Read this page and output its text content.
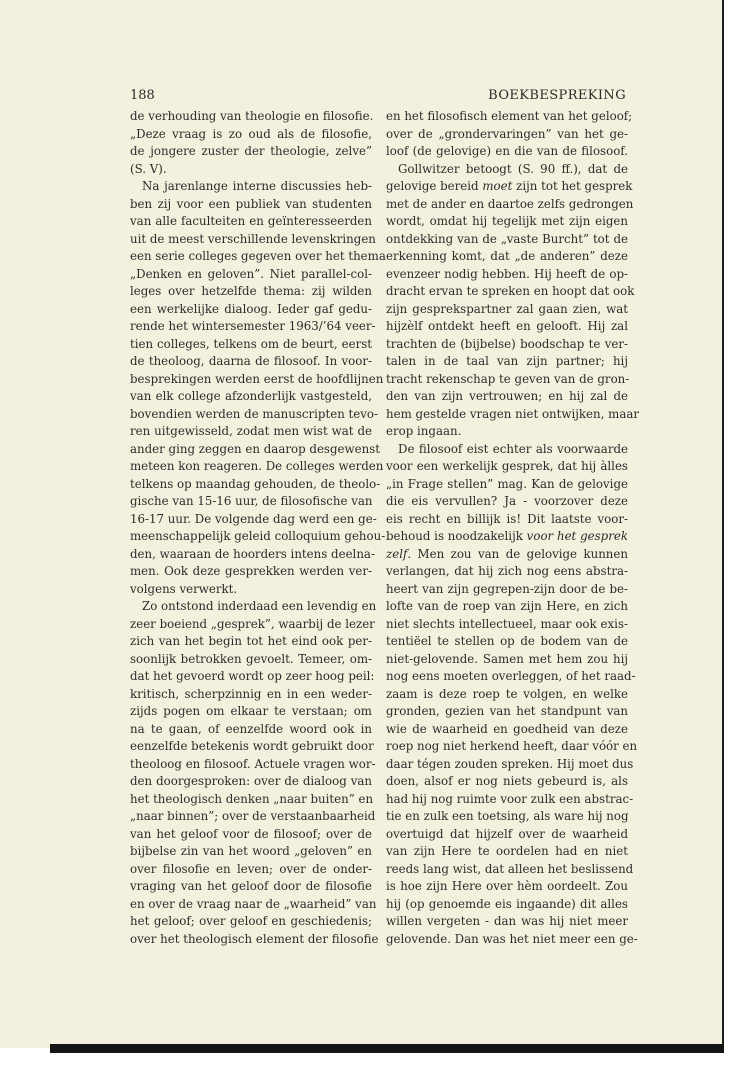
188	BOEKBESPREKING
de verhouding van theologie en filosofie.
„Deze vraag is zo oud als de filosofie,
de jongere zuster der theologie, zelve”
(S. V).
Na jarenlange interne discussies heb-
ben zij voor een publiek van studenten
van alle faculteiten en geïnteresseerden
uit de meest verschillende levenskringen
een serie colleges gegeven over het thema
„Denken en geloven”. Niet parallel-col-
leges over hetzelfde thema: zij wilden
een werkelijke dialoog. Ieder gaf gedu-
rende het wintersemester 1963/’64 veer-
tien colleges, telkens om de beurt, eerst
de theoloog, daarna de filosoof. In voor-
besprekingen werden eerst de hoofdlijnen
van elk college afzonderlijk vastgesteld,
bovendien werden de manuscripten tevo-
ren uitgewisseld, zodat men wist wat de
ander ging zeggen en daarop desgewenst
meteen kon reageren. De colleges werden
telkens op maandag gehouden, de theolo-
gische van 15-16 uur, de filosofische van
16-17 uur. De volgende dag werd een ge-
meenschappelijk geleid colloquium gehou-
den, waaraan de hoorders intens deelna-
men. Ook deze gesprekken werden ver-
volgens verwerkt.
Zo ontstond inderdaad een levendig en
zeer boeiend „gesprek”, waarbij de lezer
zich van het begin tot het eind ook per-
soonlijk betrokken gevoelt. Temeer, om-
dat het gevoerd wordt op zeer hoog peil:
kritisch, scherpzinnig en in een weder-
zijds pogen om elkaar te verstaan; om
na te gaan, of eenzelfde woord ook in
eenzelfde betekenis wordt gebruikt door
theoloog en filosoof. Actuele vragen wor-
den doorgesproken: over de dialoog van
het theologisch denken „naar buiten” en
„naar binnen”; over de verstaanbaarheid
van het geloof voor de filosoof; over de
bijbelse zin van het woord „geloven” en
over filosofie en leven; over de onder-
vraging van het geloof door de filosofie
en over de vraag naar de „waarheid” van
het geloof; over geloof en geschiedenis;
over het theologisch element der filosofie
en het filosofisch element van het geloof;
over de „grondervaringen” van het ge-
loof (de gelovige) en die van de filosoof.
Gollwitzer betoogt (S. 90 ff.), dat de
gelovige bereid moet zijn tot het gesprek
met de ander en daartoe zelfs gedrongen
wordt, omdat hij tegelijk met zijn eigen
ontdekking van de „vaste Burcht” tot de
erkenning komt, dat „de anderen” deze
evenzeer nodig hebben. Hij heeft de op-
dracht ervan te spreken en hoopt dat ook
zijn gesprekspartner zal gaan zien, wat
hijzèlf ontdekt heeft en gelooft. Hij zal
trachten de (bijbelse) boodschap te ver-
talen in de taal van zijn partner; hij
tracht rekenschap te geven van de gron-
den van zijn vertrouwen; en hij zal de
hem gestelde vragen niet ontwijken, maar
erop ingaan.
De filosoof eist echter als voorwaarde
voor een werkelijk gesprek, dat hij àlles
„in Frage stellen” mag. Kan de gelovige
die eis vervullen? Ja - voorzover deze
eis recht en billijk is! Dit laatste voor-
behoud is noodzakelijk voor het gesprek
zelf. Men zou van de gelovige kunnen
verlangen, dat hij zich nog eens abstra-
heert van zijn gegrepen-zijn door de be-
lofte van de roep van zijn Here, en zich
niet slechts intellectueel, maar ook exis-
tentiëel te stellen op de bodem van de
niet-gelovende. Samen met hem zou hij
nog eens moeten overleggen, of het raad-
zaam is deze roep te volgen, en welke
gronden, gezien van het standpunt van
wie de waarheid en goedheid van deze
roep nog niet herkend heeft, daar vóór en
daar tégen zouden spreken. Hij moet dus
doen, alsof er nog niets gebeurd is, als
had hij nog ruimte voor zulk een abstrac-
tie en zulk een toetsing, als ware hij nog
overtuigd dat hijzelf over de waarheid
van zijn Here te oordelen had en niet
reeds lang wist, dat alleen het beslissend
is hoe zijn Here over hèm oordeelt. Zou
hij (op genoemde eis ingaande) dit alles
willen vergeten - dan was hij niet meer
gelovende. Dan was het niet meer een ge-
